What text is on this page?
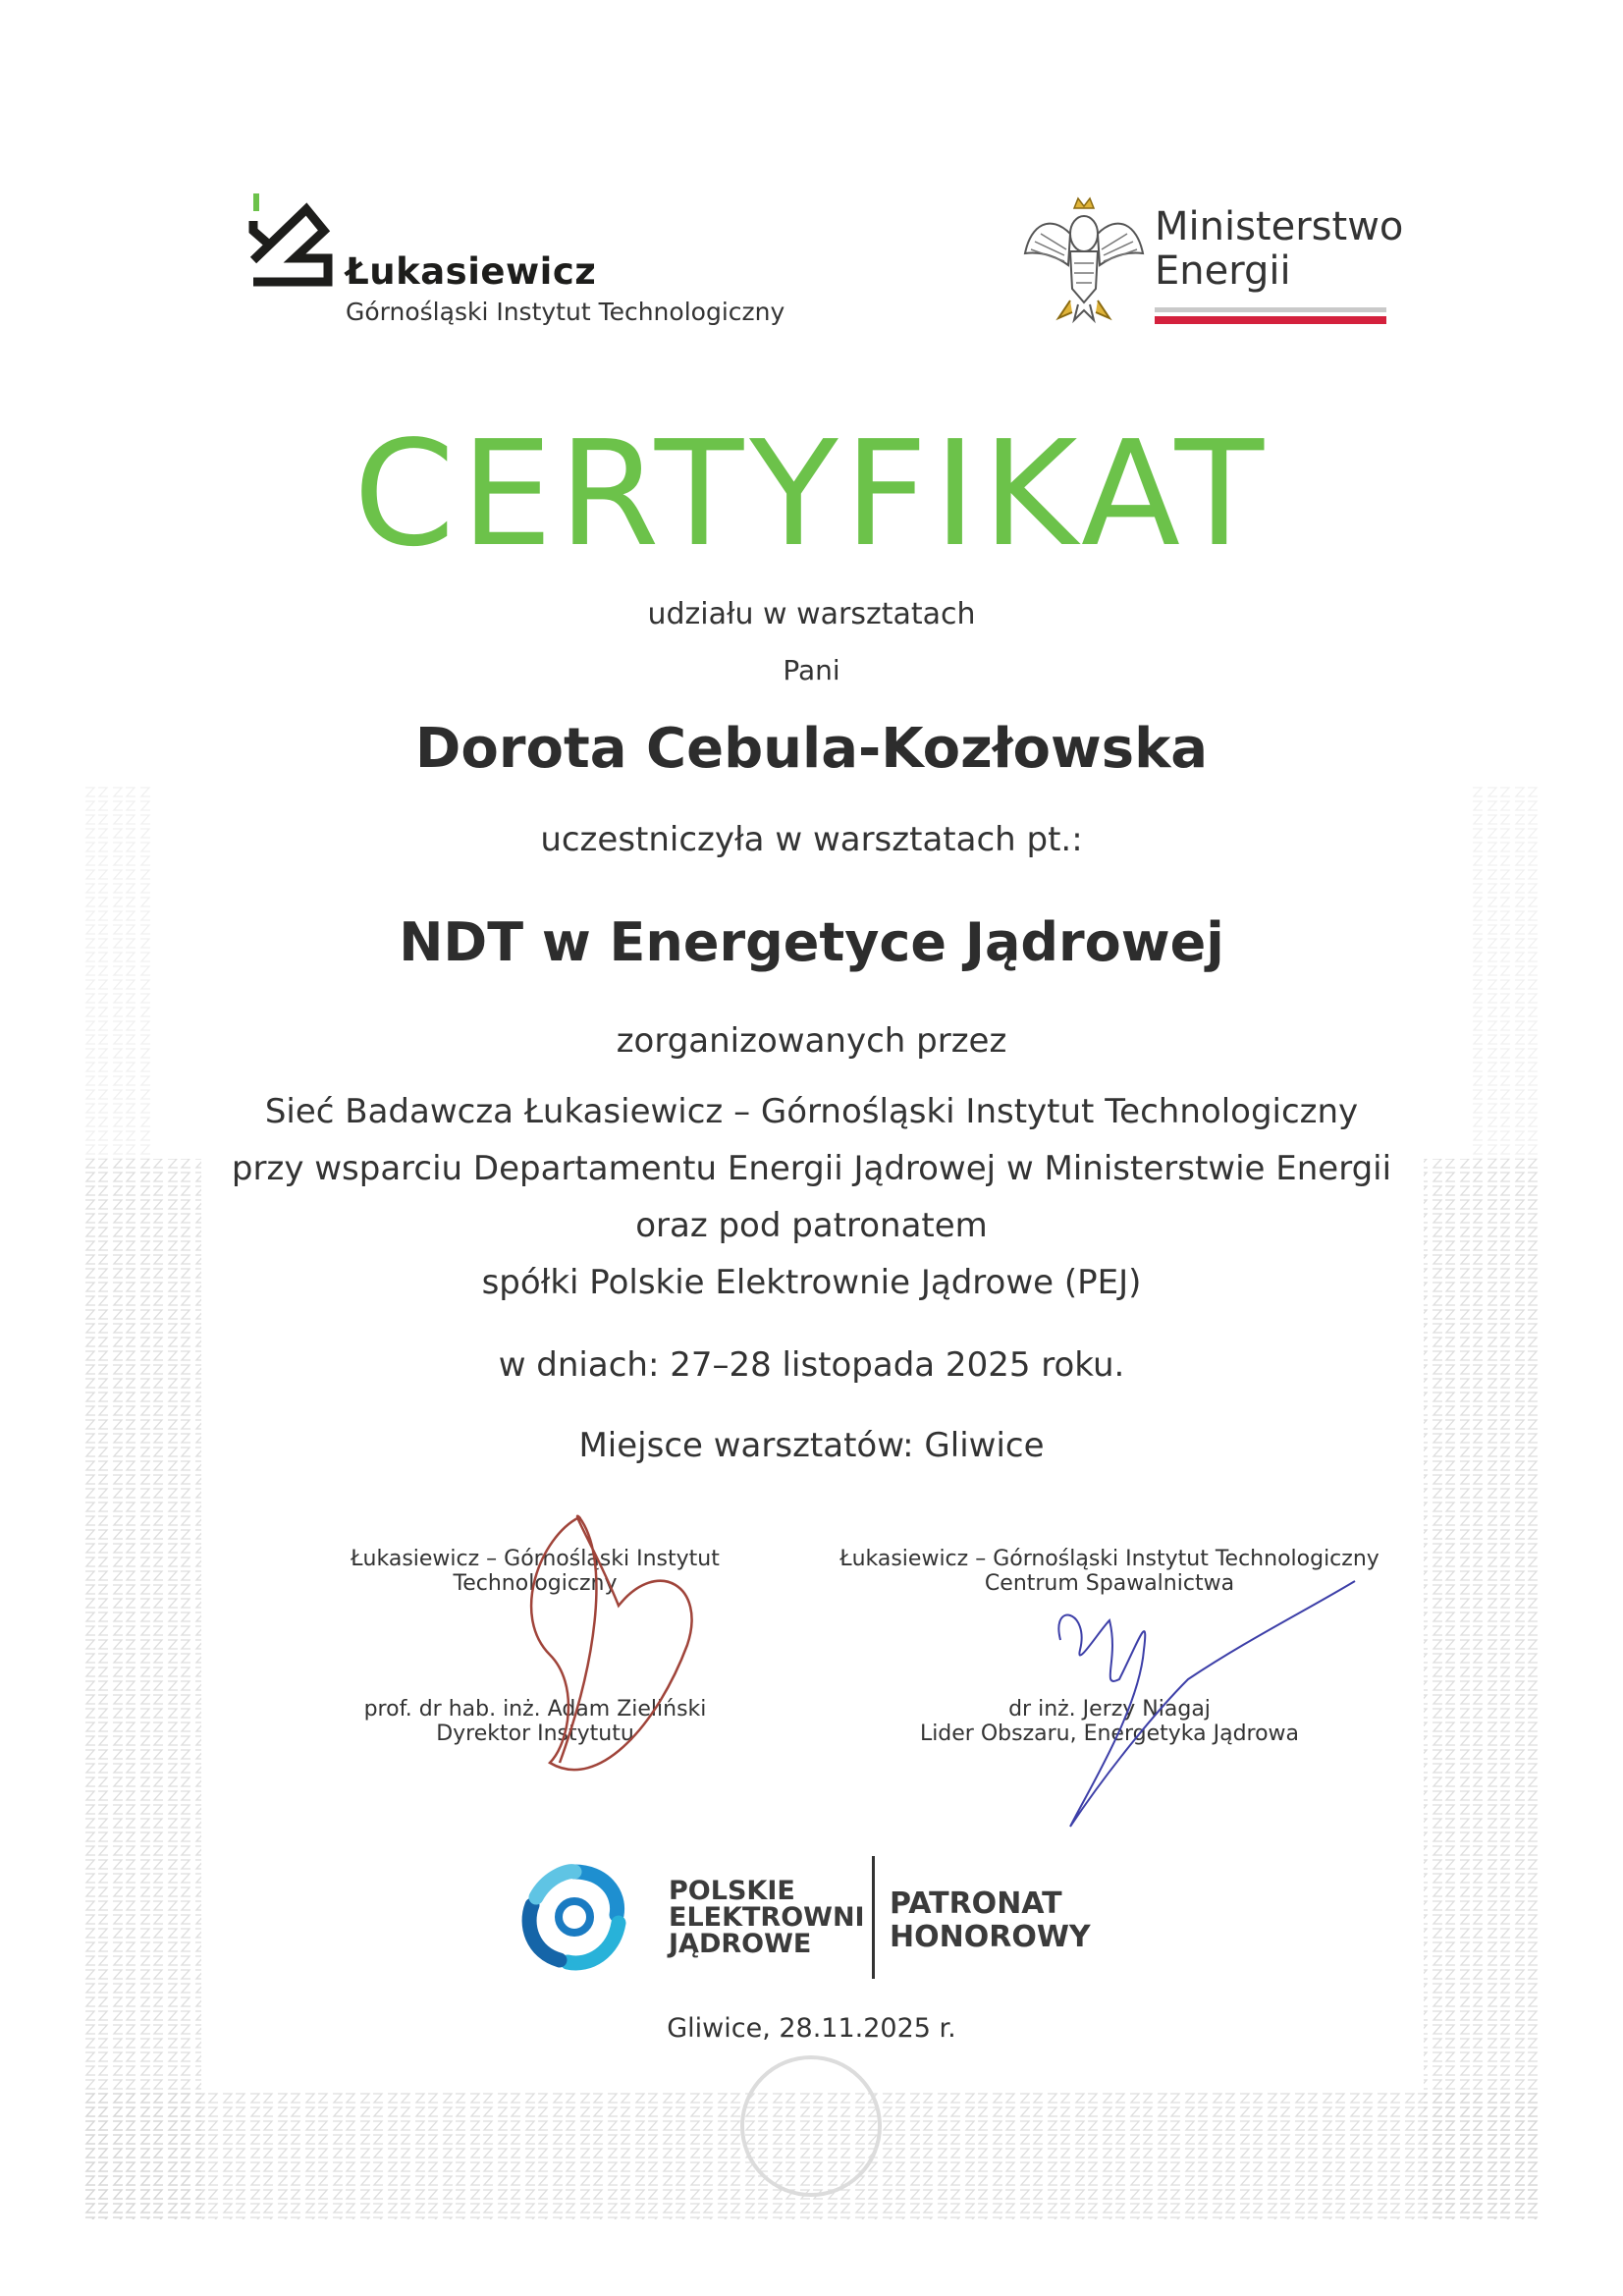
Łukasiewicz
Górnośląski Instytut Technologiczny
Ministerstwo
Energii
CERTYFIKAT
udziału w warsztatach
Pani
Dorota Cebula-Kozłowska
uczestniczyła w warsztatach pt.:
NDT w Energetyce Jądrowej
zorganizowanych przez
Sieć Badawcza Łukasiewicz – Górnośląski Instytut Technologiczny
przy wsparciu Departamentu Energii Jądrowej w Ministerstwie Energii
oraz pod patronatem
spółki Polskie Elektrownie Jądrowe (PEJ)
w dniach: 27–28 listopada 2025 roku.
Miejsce warsztatów: Gliwice
Łukasiewicz – Górnośląski Instytut
Technologiczny
prof. dr hab. inż. Adam Zieliński
Dyrektor Instytutu
Łukasiewicz – Górnośląski Instytut Technologiczny
Centrum Spawalnictwa
dr inż. Jerzy Niagaj
Lider Obszaru, Energetyka Jądrowa
POLSKIE
ELEKTROWNI
JĄDROWE
PATRONAT
HONOROWY
Gliwice, 28.11.2025 r.
